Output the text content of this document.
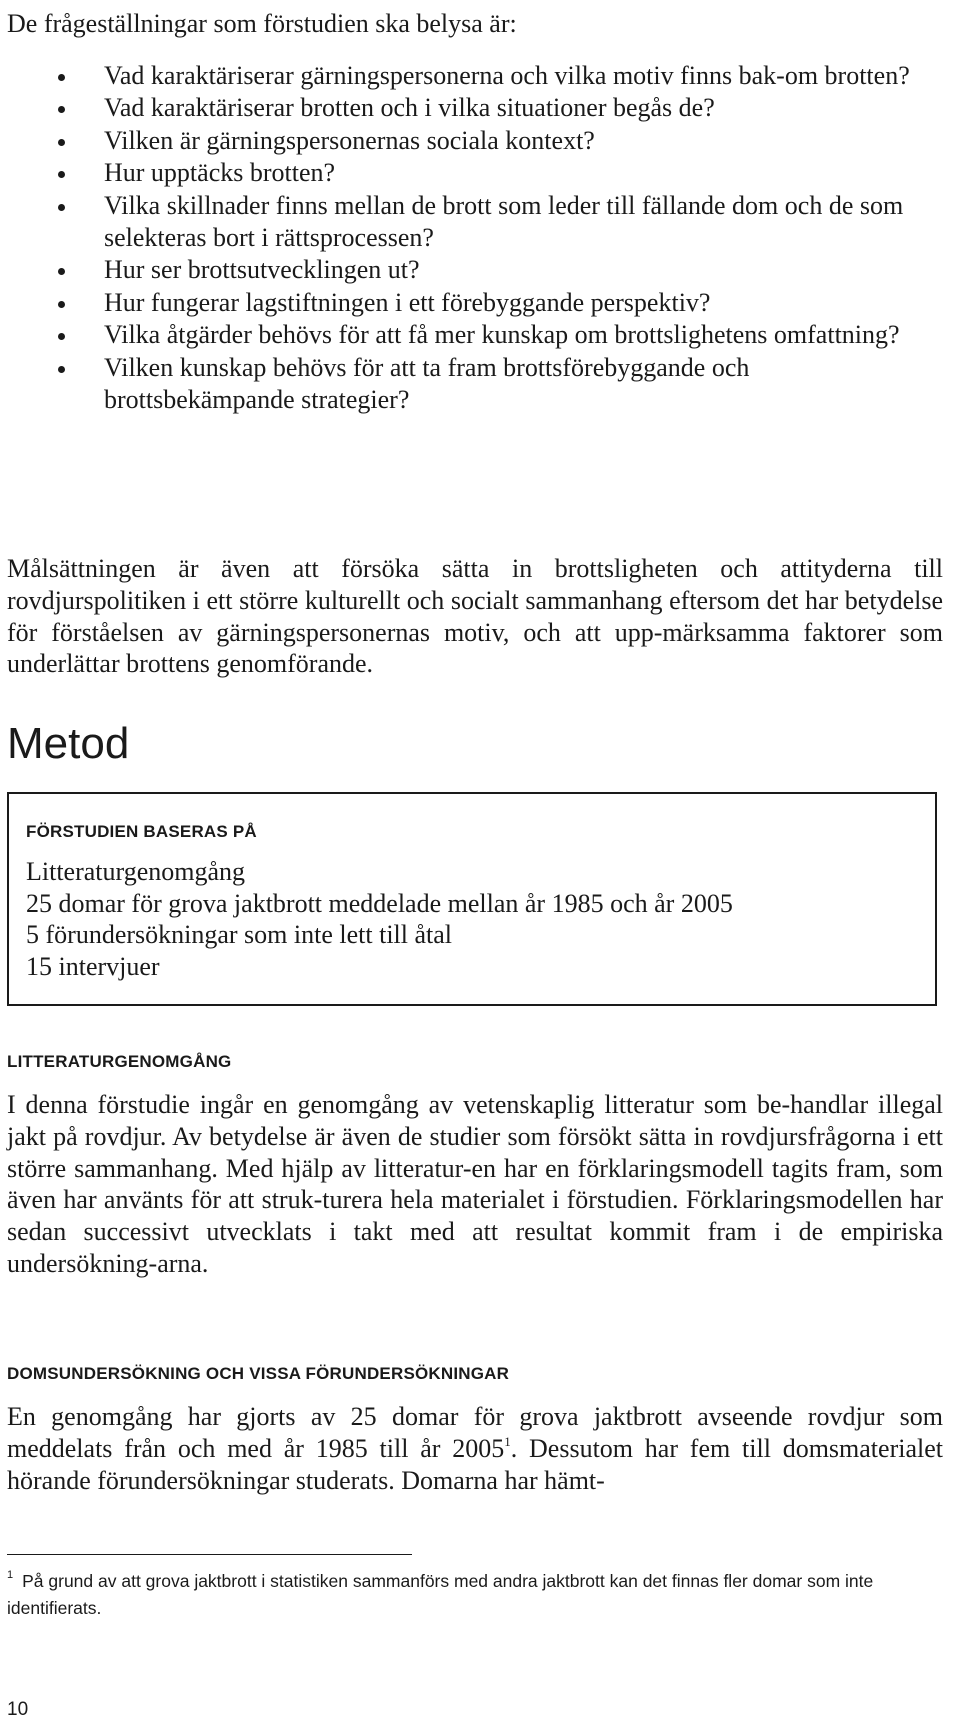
De frågeställningar som förstudien ska belysa är:

Vad karaktäriserar gärningspersonerna och vilka motiv finns bak-om brotten?
Vad karaktäriserar brotten och i vilka situationer begås de?
Vilken är gärningspersonernas sociala kontext?
Hur upptäcks brotten?
Vilka skillnader finns mellan de brott som leder till fällande dom och de som selekteras bort i rättsprocessen?
Hur ser brottsutvecklingen ut?
Hur fungerar lagstiftningen i ett förebyggande perspektiv?
Vilka åtgärder behövs för att få mer kunskap om brottslighetens omfattning?
Vilken kunskap behövs för att ta fram brottsförebyggande och brottsbekämpande strategier?

Målsättningen är även att försöka sätta in brottsligheten och attityderna till rovdjurspolitiken i ett större kulturellt och socialt sammanhang eftersom det har betydelse för förståelsen av gärningspersonernas motiv, och att upp-märksamma faktorer som underlättar brottens genomförande.

Metod
FÖRSTUDIEN BASERAS PÅ
Litteraturgenomgång
25 domar för grova jaktbrott meddelade mellan år 1985 och år 2005
5 förundersökningar som inte lett till åtal
15 intervjuer
LITTERATURGENOMGÅNG

I denna förstudie ingår en genomgång av vetenskaplig litteratur som be-handlar illegal jakt på rovdjur. Av betydelse är även de studier som försökt sätta in rovdjursfrågorna i ett större sammanhang. Med hjälp av litteratur-en har en förklaringsmodell tagits fram, som även har använts för att struk-turera hela materialet i förstudien. Förklaringsmodellen har sedan successivt utvecklats i takt med att resultat kommit fram i de empiriska undersökning-arna.

DOMSUNDERSÖKNING OCH VISSA FÖRUNDERSÖKNINGAR

En genomgång har gjorts av 25 domar för grova jaktbrott avseende rovdjur som meddelats från och med år 1985 till år 2005$^1$. Dessutom har fem till domsmaterialet hörande förundersökningar studerats. Domarna har hämt-

$^1$ På grund av att grova jaktbrott i statistiken sammanförs med andra jaktbrott kan det finnas fler domar som inte identifierats.

10
